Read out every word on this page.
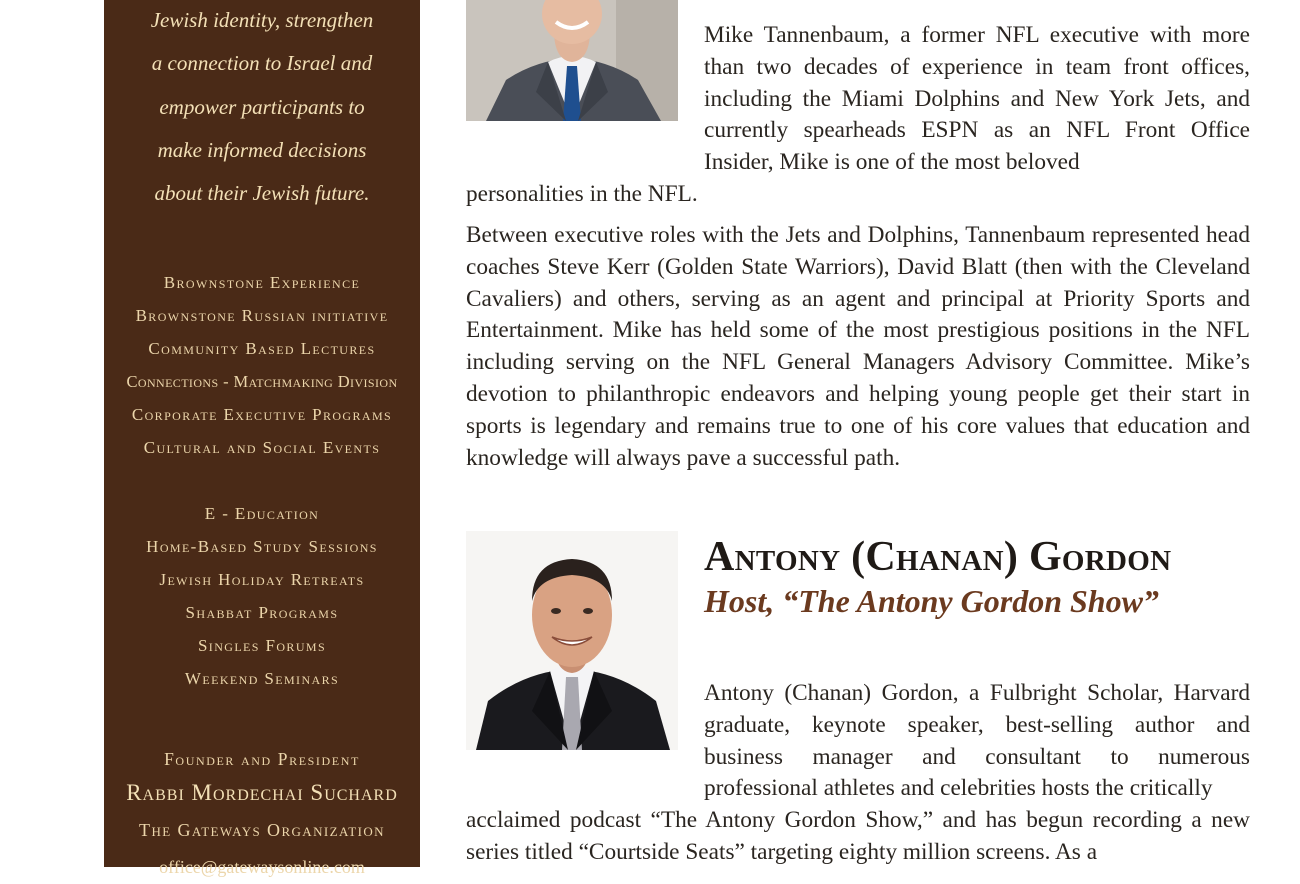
Jewish identity, strengthen

a connection to Israel and

empower participants to

make informed decisions

about their Jewish future.

Brownstone Experience
Brownstone Russian initiative
Community Based Lectures
Connections - Matchmaking Division
Corporate Executive Programs
Cultural and Social Events
E - Education
Home-Based Study Sessions
Jewish Holiday Retreats
Shabbat Programs
Singles Forums
Weekend Seminars
Founder and President
Rabbi Mordechai Suchard
The Gateways Organization
office@gatewaysonline.com

Mike Tannenbaum, a former NFL executive with more than two decades of experience in team front offices, including the Miami Dolphins and New York Jets, and currently spearheads ESPN as an NFL Front Office Insider, Mike is one of the most beloved

personalities in the NFL.

Between executive roles with the Jets and Dolphins, Tannenbaum represented head coaches Steve Kerr (Golden State Warriors), David Blatt (then with the Cleveland Cavaliers) and others, serving as an agent and principal at Priority Sports and Entertainment. Mike has held some of the most prestigious positions in the NFL including serving on the NFL General Managers Advisory Committee. Mike’s devotion to philanthropic endeavors and helping young people get their start in sports is legendary and remains true to one of his core values that education and knowledge will always pave a successful path.

Antony (Chanan) Gordon
Host, “The Antony Gordon Show”

Antony (Chanan) Gordon, a Fulbright Scholar, Harvard graduate, keynote speaker, best-selling author and business manager and consultant to numerous professional athletes and celebrities hosts the critically

acclaimed podcast “The Antony Gordon Show,” and has begun recording a new series titled “Courtside Seats” targeting eighty million screens. As a
